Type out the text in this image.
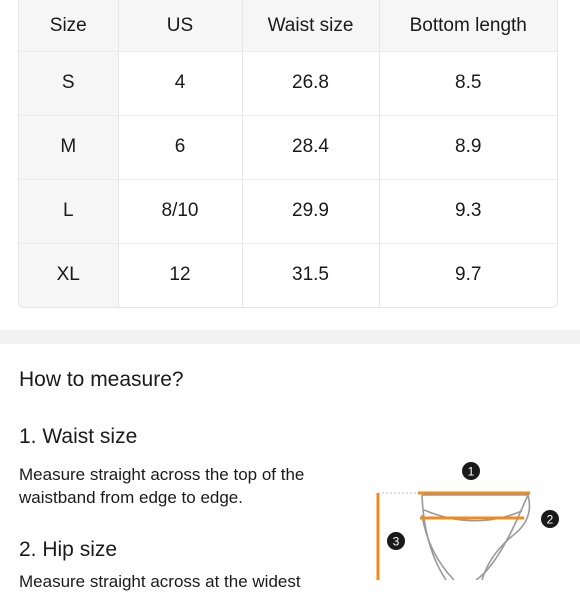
Size	US	Waist size	Bottom length
S	4	26.8	8.5
M	6	28.4	8.9
L	8/10	29.9	9.3
XL	12	31.5	9.7
How to measure?
1. Waist size

Measure straight across the top of the waistband from edge to edge.

2. Hip size
Measure straight across at the widest
1
2
3
